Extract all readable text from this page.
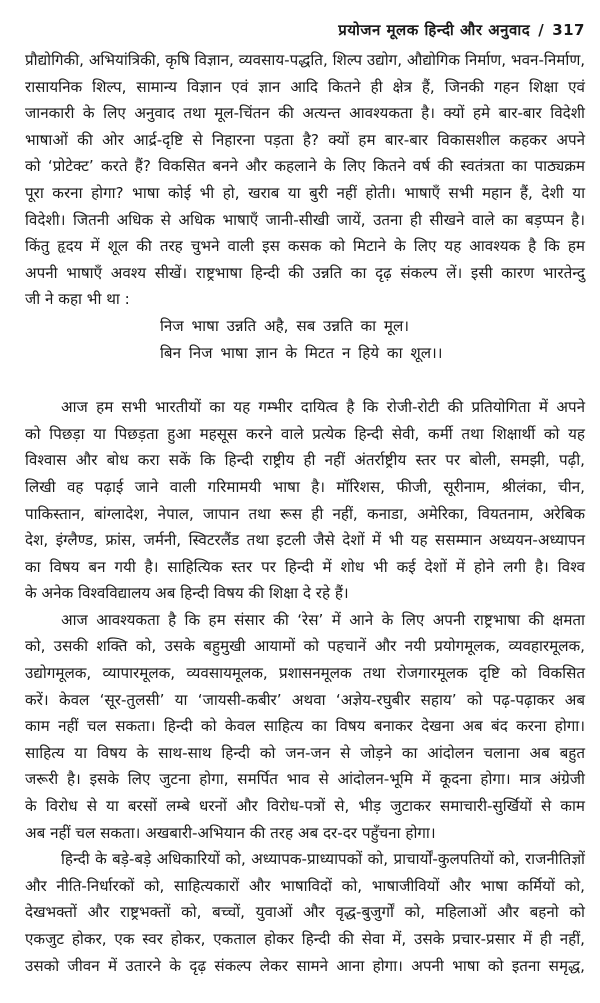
प्रयोजन मूलक हिन्दी और अनुवाद / 317
प्रौद्योगिकी, अभियांत्रिकी, कृषि विज्ञान, व्यवसाय-पद्धति, शिल्प उद्योग, औद्योगिक निर्माण, भवन-निर्माण,
रासायनिक शिल्प, सामान्य विज्ञान एवं ज्ञान आदि कितने ही क्षेत्र हैं, जिनकी गहन शिक्षा एवं
जानकारी के लिए अनुवाद तथा मूल-चिंतन की अत्यन्त आवश्यकता है। क्यों हमे बार-बार विदेशी
भाषाओं की ओर आर्द्र-दृष्टि से निहारना पड़ता है? क्यों हम बार-बार विकासशील कहकर अपने
को ‘प्रोटेक्ट’ करते हैं? विकसित बनने और कहलाने के लिए कितने वर्ष की स्वतंत्रता का पाठ्यक्रम
पूरा करना होगा? भाषा कोई भी हो, खराब या बुरी नहीं होती। भाषाएँ सभी महान हैं, देशी या
विदेशी। जितनी अधिक से अधिक भाषाएँ जानी-सीखी जायें, उतना ही सीखने वाले का बड़प्पन है।
किंतु हृदय में शूल की तरह चुभने वाली इस कसक को मिटाने के लिए यह आवश्यक है कि हम
अपनी भाषाएँ अवश्य सीखें। राष्ट्रभाषा हिन्दी की उन्नति का दृढ़ संकल्प लें। इसी कारण भारतेन्दु
जी ने कहा भी था :
निज भाषा उन्नति अहै, सब उन्नति का मूल।
बिन निज भाषा ज्ञान के मिटत न हिये का शूल।।
आज हम सभी भारतीयों का यह गम्भीर दायित्व है कि रोजी-रोटी की प्रतियोगिता में अपने
को पिछड़ा या पिछड़ता हुआ महसूस करने वाले प्रत्येक हिन्दी सेवी, कर्मी तथा शिक्षार्थी को यह
विश्वास और बोध करा सकें कि हिन्दी राष्ट्रीय ही नहीं अंतर्राष्ट्रीय स्तर पर बोली, समझी, पढ़ी,
लिखी वह पढ़ाई जाने वाली गरिमामयी भाषा है। मॉरिशस, फीजी, सूरीनाम, श्रीलंका, चीन,
पाकिस्तान, बांग्लादेश, नेपाल, जापान तथा रूस ही नहीं, कनाडा, अमेरिका, वियतनाम, अरेबिक
देश, इंग्लैण्ड, फ्रांस, जर्मनी, स्विटरलैंड तथा इटली जैसे देशों में भी यह ससम्मान अध्ययन-अध्यापन
का विषय बन गयी है। साहित्यिक स्तर पर हिन्दी में शोध भी कई देशों में होने लगी है। विश्व
के अनेक विश्वविद्यालय अब हिन्दी विषय की शिक्षा दे रहे हैं।
आज आवश्यकता है कि हम संसार की ‘रेस’ में आने के लिए अपनी राष्ट्रभाषा की क्षमता
को, उसकी शक्ति को, उसके बहुमुखी आयामों को पहचानें और नयी प्रयोगमूलक, व्यवहारमूलक,
उद्योगमूलक, व्यापारमूलक, व्यवसायमूलक, प्रशासनमूलक तथा रोजगारमूलक दृष्टि को विकसित
करें। केवल ‘सूर-तुलसी’ या ‘जायसी-कबीर’ अथवा ‘अज्ञेय-रघुबीर सहाय’ को पढ़-पढ़ाकर अब
काम नहीं चल सकता। हिन्दी को केवल साहित्य का विषय बनाकर देखना अब बंद करना होगा।
साहित्य या विषय के साथ-साथ हिन्दी को जन-जन से जोड़ने का आंदोलन चलाना अब बहुत
जरूरी है। इसके लिए जुटना होगा, समर्पित भाव से आंदोलन-भूमि में कूदना होगा। मात्र अंग्रेजी
के विरोध से या बरसों लम्बे धरनों और विरोध-पत्रों से, भीड़ जुटाकर समाचारी-सुर्खियों से काम
अब नहीं चल सकता। अखबारी-अभियान की तरह अब दर-दर पहुँचना होगा।
हिन्दी के बड़े-बड़े अधिकारियों को, अध्यापक-प्राध्यापकों को, प्राचार्यों-कुलपतियों को, राजनीतिज्ञों
और नीति-निर्धारकों को, साहित्यकारों और भाषाविदों को, भाषाजीवियों और भाषा कर्मियों को,
देखभक्तों और राष्ट्रभक्तों को, बच्चों, युवाओं और वृद्ध-बुजुर्गों को, महिलाओं और बहनो को
एकजुट होकर, एक स्वर होकर, एकताल होकर हिन्दी की सेवा में, उसके प्रचार-प्रसार में ही नहीं,
उसको जीवन में उतारने के दृढ़ संकल्प लेकर सामने आना होगा। अपनी भाषा को इतना समृद्ध,
